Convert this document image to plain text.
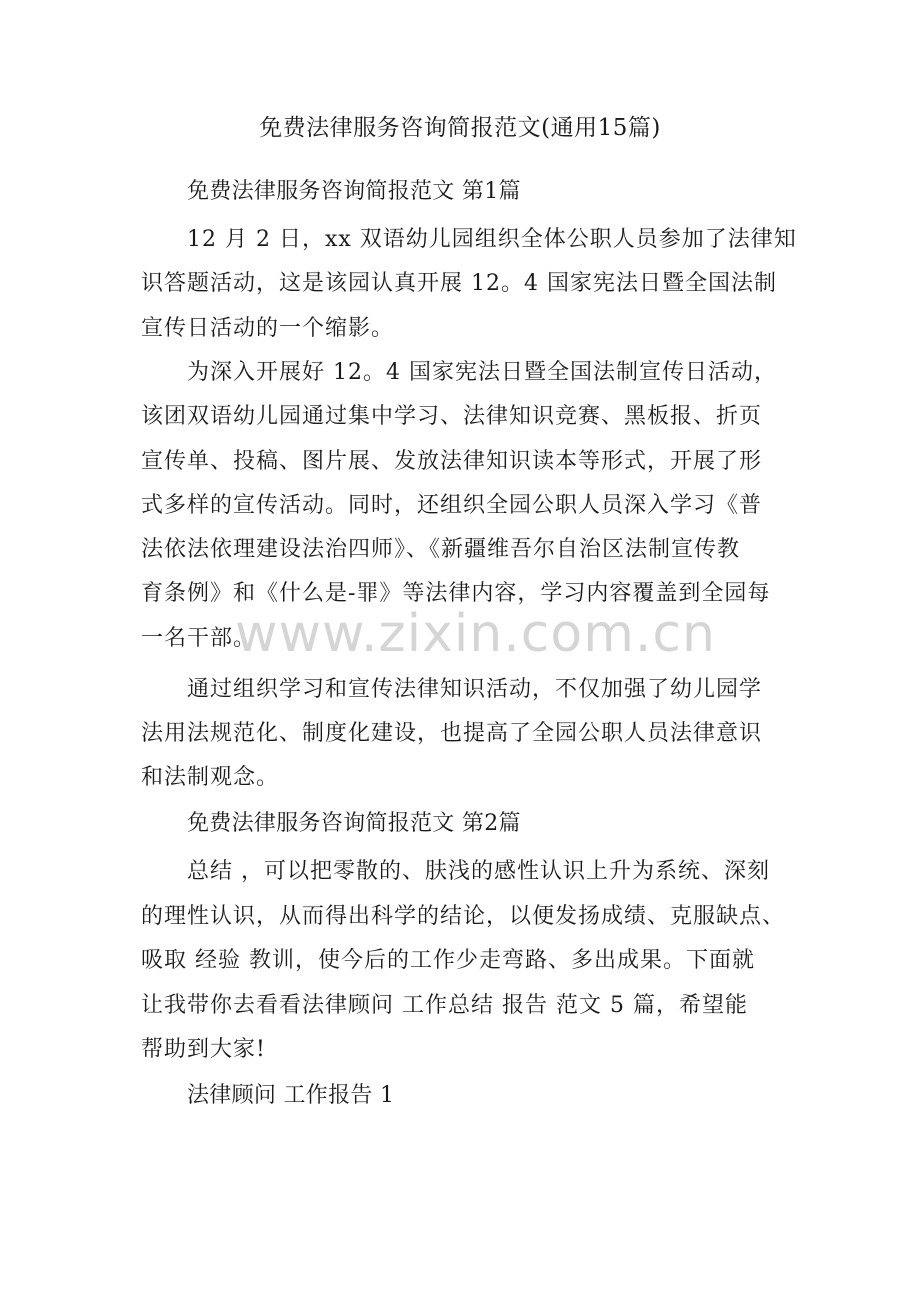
免费法律服务咨询简报范文(通用15篇)
免费法律服务咨询简报范文 第1篇
12 月 2 日，xx 双语幼儿园组织全体公职人员参加了法律知
识答题活动，这是该园认真开展 12。4 国家宪法日暨全国法制
宣传日活动的一个缩影。
为深入开展好 12。4 国家宪法日暨全国法制宣传日活动，
该团双语幼儿园通过集中学习、法律知识竞赛、黑板报、折页
宣传单、投稿、图片展、发放法律知识读本等形式，开展了形
式多样的宣传活动。同时，还组织全园公职人员深入学习《普
法依法依理建设法治四师》、《新疆维吾尔自治区法制宣传教
育条例》和《什么是-罪》等法律内容，学习内容覆盖到全园每
一名干部。
通过组织学习和宣传法律知识活动，不仅加强了幼儿园学
法用法规范化、制度化建设，也提高了全园公职人员法律意识
和法制观念。
免费法律服务咨询简报范文 第2篇
总结 ，可以把零散的、肤浅的感性认识上升为系统、深刻
的理性认识，从而得出科学的结论，以便发扬成绩、克服缺点、
吸取 经验 教训，使今后的工作少走弯路、多出成果。下面就
让我带你去看看法律顾问 工作总结 报告 范文 5 篇，希望能
帮助到大家!
法律顾问 工作报告 1
www.zixin.com.cn
